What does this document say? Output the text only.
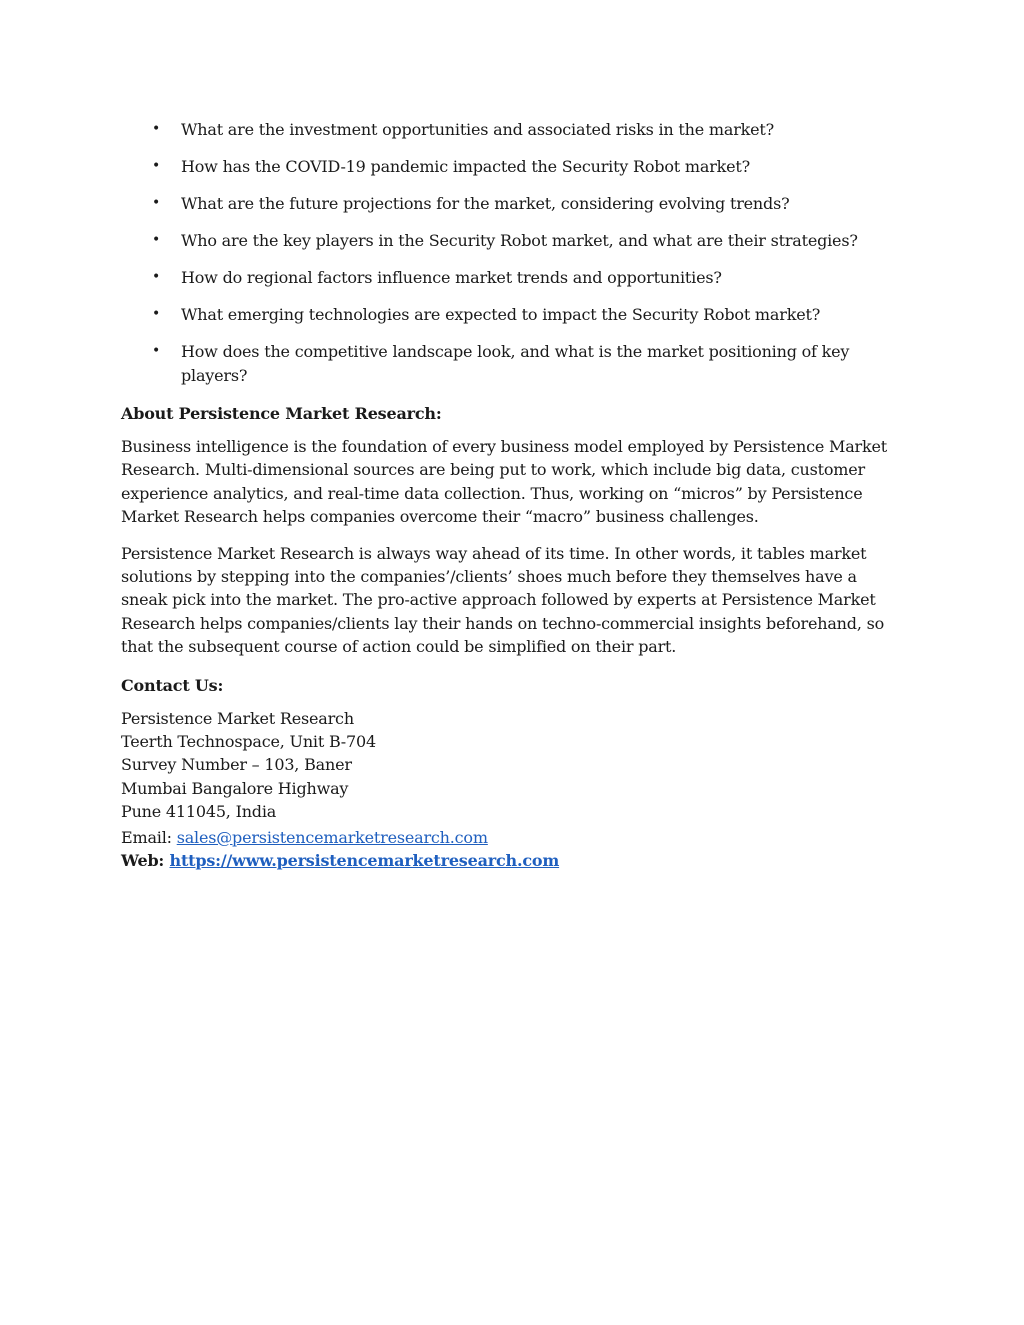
• What are the investment opportunities and associated risks in the market?
• How has the COVID-19 pandemic impacted the Security Robot market?
• What are the future projections for the market, considering evolving trends?
• Who are the key players in the Security Robot market, and what are their strategies?
• How do regional factors influence market trends and opportunities?
• What emerging technologies are expected to impact the Security Robot market?
• How does the competitive landscape look, and what is the market positioning of key players?
About Persistence Market Research:

Business intelligence is the foundation of every business model employed by Persistence Market Research. Multi-dimensional sources are being put to work, which include big data, customer experience analytics, and real-time data collection. Thus, working on “micros” by Persistence Market Research helps companies overcome their “macro” business challenges.

Persistence Market Research is always way ahead of its time. In other words, it tables market solutions by stepping into the companies’/clients’ shoes much before they themselves have a sneak pick into the market. The pro-active approach followed by experts at Persistence Market Research helps companies/clients lay their hands on techno-commercial insights beforehand, so that the subsequent course of action could be simplified on their part.

Contact Us:
Persistence Market Research
Teerth Technospace, Unit B-704
Survey Number – 103, Baner
Mumbai Bangalore Highway
Pune 411045, India
Email: sales@persistencemarketresearch.com
Web: https://www.persistencemarketresearch.com
